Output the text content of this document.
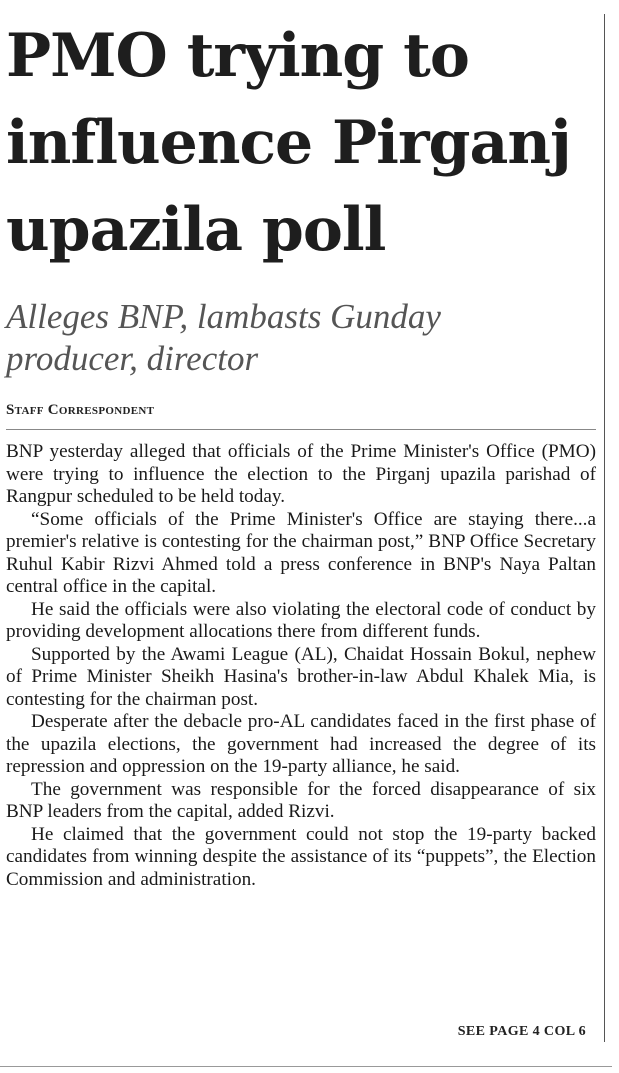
PMO trying to
influence Pirganj
upazila poll
Alleges BNP, lambasts Gunday
producer, director
Staff Correspondent

BNP yesterday alleged that officials of the Prime Minister's Office (PMO) were trying to influence the election to the Pirganj upazila parishad of Rangpur scheduled to be held today.

“Some officials of the Prime Minister's Office are staying there...a premier's relative is contesting for the chairman post,” BNP Office Secretary Ruhul Kabir Rizvi Ahmed told a press conference in BNP's Naya Paltan central office in the capital.

He said the officials were also violating the electoral code of conduct by providing development allocations there from different funds.

Supported by the Awami League (AL), Chaidat Hossain Bokul, nephew of Prime Minister Sheikh Hasina's brother-in-law Abdul Khalek Mia, is contesting for the chairman post.

Desperate after the debacle pro-AL candidates faced in the first phase of the upazila elections, the government had increased the degree of its repression and oppression on the 19-party alliance, he said.

The government was responsible for the forced disappearance of six BNP leaders from the capital, added Rizvi.

He claimed that the government could not stop the 19-party backed candidates from winning despite the assistance of its “puppets”, the Election Commission and administration.

SEE PAGE 4 COL 6
